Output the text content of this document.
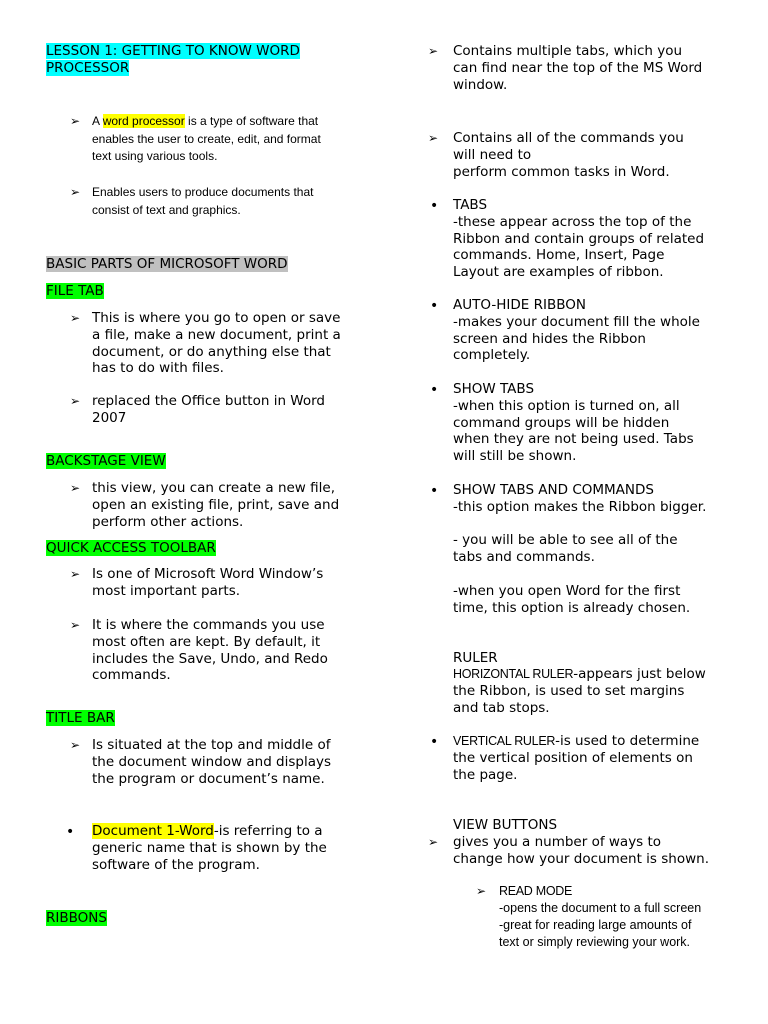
LESSON 1: GETTING TO KNOW WORD
PROCESSOR
➢ A word processor is a type of software that
enables the user to create, edit, and format
text using various tools.
➢ Enables users to produce documents that
consist of text and graphics.
BASIC PARTS OF MICROSOFT WORD
FILE TAB
➢ This is where you go to open or save
a file, make a new document, print a
document, or do anything else that
has to do with files.
➢ replaced the Office button in Word
2007
BACKSTAGE VIEW
➢ this view, you can create a new file,
open an existing file, print, save and
perform other actions.
QUICK ACCESS TOOLBAR
➢ Is one of Microsoft Word Window’s
most important parts.
➢ It is where the commands you use
most often are kept. By default, it
includes the Save, Undo, and Redo
commands.
TITLE BAR
➢ Is situated at the top and middle of
the document window and displays
the program or document’s name.
• Document 1-Word-is referring to a
generic name that is shown by the
software of the program.
RIBBONS
➢ Contains multiple tabs, which you
can find near the top of the MS Word
window.
➢ Contains all of the commands you
will need to
perform common tasks in Word.
• TABS
-these appear across the top of the
Ribbon and contain groups of related
commands. Home, Insert, Page
Layout are examples of ribbon.
• AUTO-HIDE RIBBON
-makes your document fill the whole
screen and hides the Ribbon
completely.
• SHOW TABS
-when this option is turned on, all
command groups will be hidden
when they are not being used. Tabs
will still be shown.
• SHOW TABS AND COMMANDS
-this option makes the Ribbon bigger.

- you will be able to see all of the
tabs and commands.

-when you open Word for the first
time, this option is already chosen.
RULER
HORIZONTAL RULER-appears just below
the Ribbon, is used to set margins
and tab stops.
• VERTICAL RULER-is used to determine
the vertical position of elements on
the page.
VIEW BUTTONS
➢ gives you a number of ways to
change how your document is shown.
➢ READ MODE
-opens the document to a full screen
-great for reading large amounts of
text or simply reviewing your work.
